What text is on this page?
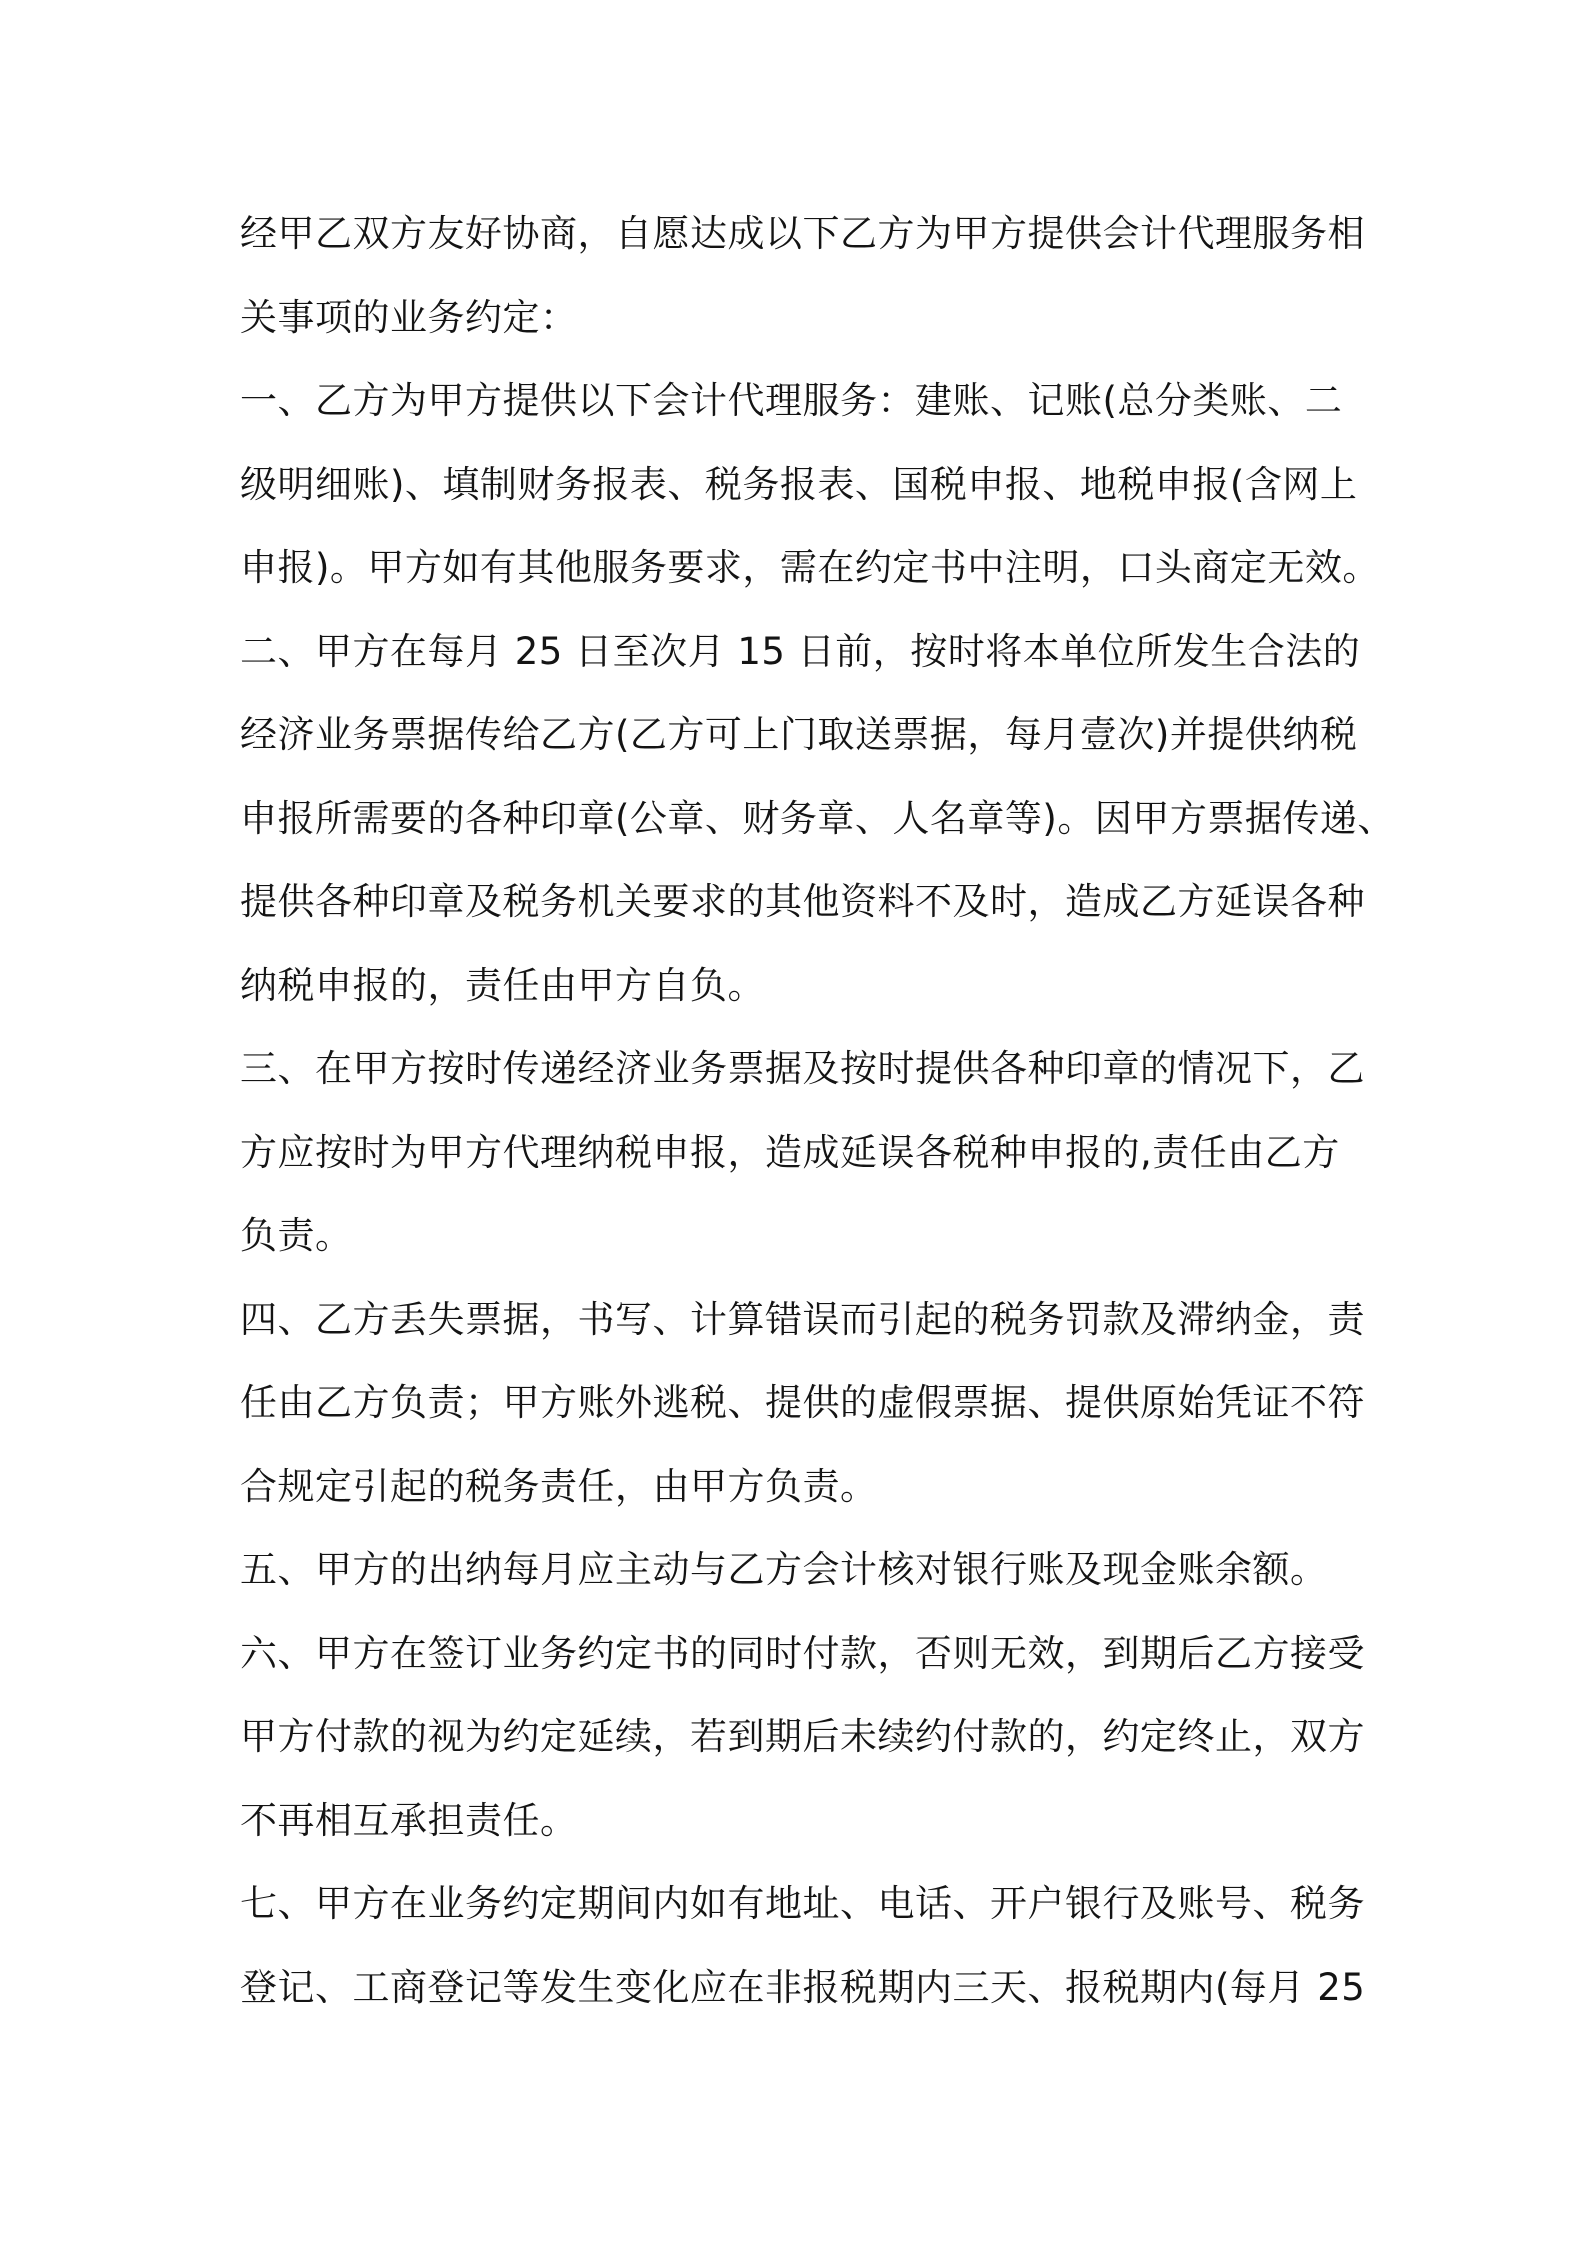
经甲乙双方友好协商，自愿达成以下乙方为甲方提供会计代理服务相
关事项的业务约定：
一、乙方为甲方提供以下会计代理服务：建账、记账(总分类账、二
级明细账)、填制财务报表、税务报表、国税申报、地税申报(含网上
申报)。甲方如有其他服务要求，需在约定书中注明，口头商定无效。
二、甲方在每月 25 日至次月 15 日前，按时将本单位所发生合法的
经济业务票据传给乙方(乙方可上门取送票据，每月壹次)并提供纳税
申报所需要的各种印章(公章、财务章、人名章等)。因甲方票据传递、
提供各种印章及税务机关要求的其他资料不及时，造成乙方延误各种
纳税申报的，责任由甲方自负。
三、在甲方按时传递经济业务票据及按时提供各种印章的情况下，乙
方应按时为甲方代理纳税申报，造成延误各税种申报的,责任由乙方
负责。
四、乙方丢失票据，书写、计算错误而引起的税务罚款及滞纳金，责
任由乙方负责；甲方账外逃税、提供的虚假票据、提供原始凭证不符
合规定引起的税务责任，由甲方负责。
五、甲方的出纳每月应主动与乙方会计核对银行账及现金账余额。
六、甲方在签订业务约定书的同时付款，否则无效，到期后乙方接受
甲方付款的视为约定延续，若到期后未续约付款的，约定终止，双方
不再相互承担责任。
七、甲方在业务约定期间内如有地址、电话、开户银行及账号、税务
登记、工商登记等发生变化应在非报税期内三天、报税期内(每月 25
